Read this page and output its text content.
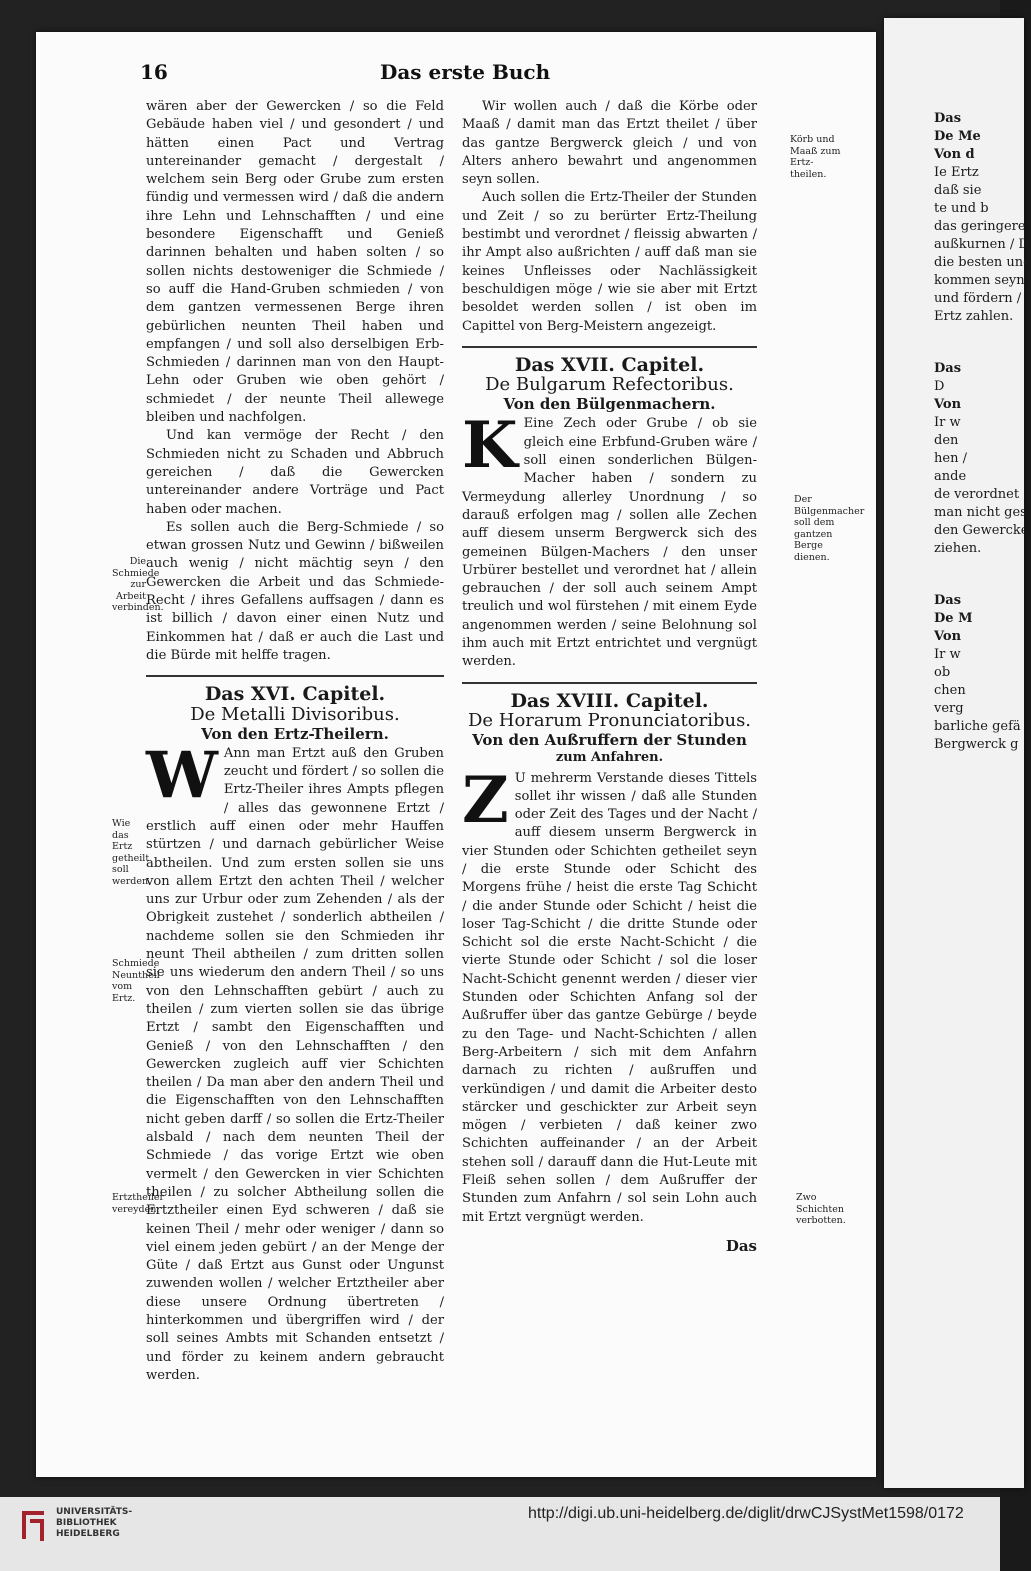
16	Das erste Buch

wären aber der Gewercken / so die Feld Gebäude haben viel / und gesondert / und hätten einen Pact und Vertrag untereinander gemacht / dergestalt / welchem sein Berg oder Grube zum ersten fündig und vermessen wird / daß die andern ihre Lehn und Lehnschafften / und eine besondere Eigenschafft und Genieß darinnen behalten und haben solten / so sollen nichts destoweniger die Schmiede / so auff die Hand-Gruben schmieden / von dem gantzen vermessenen Berge ihren gebürlichen neunten Theil haben und empfangen / und soll also derselbigen Erb-Schmieden / darinnen man von den Haupt-Lehn oder Gruben wie oben gehört / schmiedet / der neunte Theil allewege bleiben und nachfolgen.

Und kan vermöge der Recht / den Schmieden nicht zu Schaden und Abbruch gereichen / daß die Gewercken untereinander andere Vorträge und Pact haben oder machen.

Es sollen auch die Berg-Schmiede / so etwan grossen Nutz und Gewinn / bißweilen auch wenig / nicht mächtig seyn / den Gewercken die Arbeit und das Schmiede-Recht / ihres Gefallens auffsagen / dann es ist billich / davon einer einen Nutz und Einkommen hat / daß er auch die Last und die Bürde mit helffe tragen.

Das XVI. Capitel.
De Metalli Divisoribus.
Von den Ertz-Theilern.

W Ann man Ertzt auß den Gruben zeucht und fördert / so sollen die Ertz-Theiler ihres Ampts pflegen / alles das gewonnene Ertzt / erstlich auff einen oder mehr Hauffen stürtzen / und darnach gebürlicher Weise abtheilen. Und zum ersten sollen sie uns von allem Ertzt den achten Theil / welcher uns zur Urbur oder zum Zehenden / als der Obrigkeit zustehet / sonderlich abtheilen / nachdeme sollen sie den Schmieden ihr neunt Theil abtheilen / zum dritten sollen sie uns wiederum den andern Theil / so uns von den Lehnschafften gebürt / auch zu theilen / zum vierten sollen sie das übrige Ertzt / sambt den Eigenschafften und Genieß / von den Lehnschafften / den Gewercken zugleich auff vier Schichten theilen / Da man aber den andern Theil und die Eigenschafften von den Lehnschafften nicht geben darff / so sollen die Ertz-Theiler alsbald / nach dem neunten Theil der Schmiede / das vorige Ertzt wie oben vermelt / den Gewercken in vier Schichten theilen / zu solcher Abtheilung sollen die Ertztheiler einen Eyd schweren / daß sie keinen Theil / mehr oder weniger / dann so viel einem jeden gebürt / an der Menge der Güte / daß Ertzt aus Gunst oder Ungunst zuwenden wollen / welcher Ertztheiler aber diese unsere Ordnung übertreten / hinterkommen und übergriffen wird / der soll seines Ambts mit Schanden entsetzt / und förder zu keinem andern gebraucht werden.

Wir wollen auch / daß die Körbe oder Maaß / damit man das Ertzt theilet / über das gantze Bergwerck gleich / und von Alters anhero bewahrt und angenommen seyn sollen.

Auch sollen die Ertz-Theiler der Stunden und Zeit / so zu berürter Ertz-Theilung bestimbt und verordnet / fleissig abwarten / ihr Ampt also außrichten / auff daß man sie keines Unfleisses oder Nachlässigkeit beschuldigen möge / wie sie aber mit Ertzt besoldet werden sollen / ist oben im Capittel von Berg-Meistern angezeigt.

Das XVII. Capitel.
De Bulgarum Refectoribus.
Von den Bülgenmachern.

K Eine Zech oder Grube / ob sie gleich eine Erbfund-Gruben wäre / soll einen sonderlichen Bülgen-Macher haben / sondern zu Vermeydung allerley Unordnung / so darauß erfolgen mag / sollen alle Zechen auff diesem unserm Bergwerck sich des gemeinen Bülgen-Machers / den unser Urbürer bestellet und verordnet hat / allein gebrauchen / der soll auch seinem Ampt treulich und wol fürstehen / mit einem Eyde angenommen werden / seine Belohnung sol ihm auch mit Ertzt entrichtet und vergnügt werden.

Das XVIII. Capitel.
De Horarum Pronunciatoribus.
Von den Außruffern der Stunden
zum Anfahren.

Z U mehrerm Verstande dieses Tittels sollet ihr wissen / daß alle Stunden oder Zeit des Tages und der Nacht / auff diesem unserm Bergwerck in vier Stunden oder Schichten getheilet seyn / die erste Stunde oder Schicht des Morgens frühe / heist die erste Tag Schicht / die ander Stunde oder Schicht / heist die loser Tag-Schicht / die dritte Stunde oder Schicht sol die erste Nacht-Schicht / die vierte Stunde oder Schicht / sol die loser Nacht-Schicht genennt werden / dieser vier Stunden oder Schichten Anfang sol der Außruffer über das gantze Gebürge / beyde zu den Tage- und Nacht-Schichten / allen Berg-Arbeitern / sich mit dem Anfahrn darnach zu richten / außruffen und verkündigen / und damit die Arbeiter desto stärcker und geschickter zur Arbeit seyn mögen / verbieten / daß keiner zwo Schichten auffeinander / an der Arbeit stehen soll / darauff dann die Hut-Leute mit Fleiß sehen sollen / dem Außruffer der Stunden zum Anfahrn / sol sein Lohn auch mit Ertzt vergnügt werden.

Das
Körb und Maaß zum Ertz-theilen.
Die Schmiede zur Arbeit verbinden.
Der Bülgenmacher soll dem gantzen Berge dienen.
Wie das Ertz getheilt soll werden.
Schmiede Neuntheil vom Ertz.
Ertztheiler vereyden.
Zwo Schichten verbotten.
Das
De Me
Von d
Ie Ertz
daß sie
te und b
das geringere
außkurnen / D
die besten und
kommen seyn
und fördern /
Ertz zahlen.
Das
D
Von
Ir w
den
hen /
ande
de verordnet
man nicht ges
den Gewercke
ziehen.
Das
De M
Von
Ir w
ob
chen
verg
barliche gefä
Bergwerck g
UNIVERSITÄTS-
BIBLIOTHEK
HEIDELBERG
http://digi.ub.uni-heidelberg.de/diglit/drwCJSystMet1598/0172
